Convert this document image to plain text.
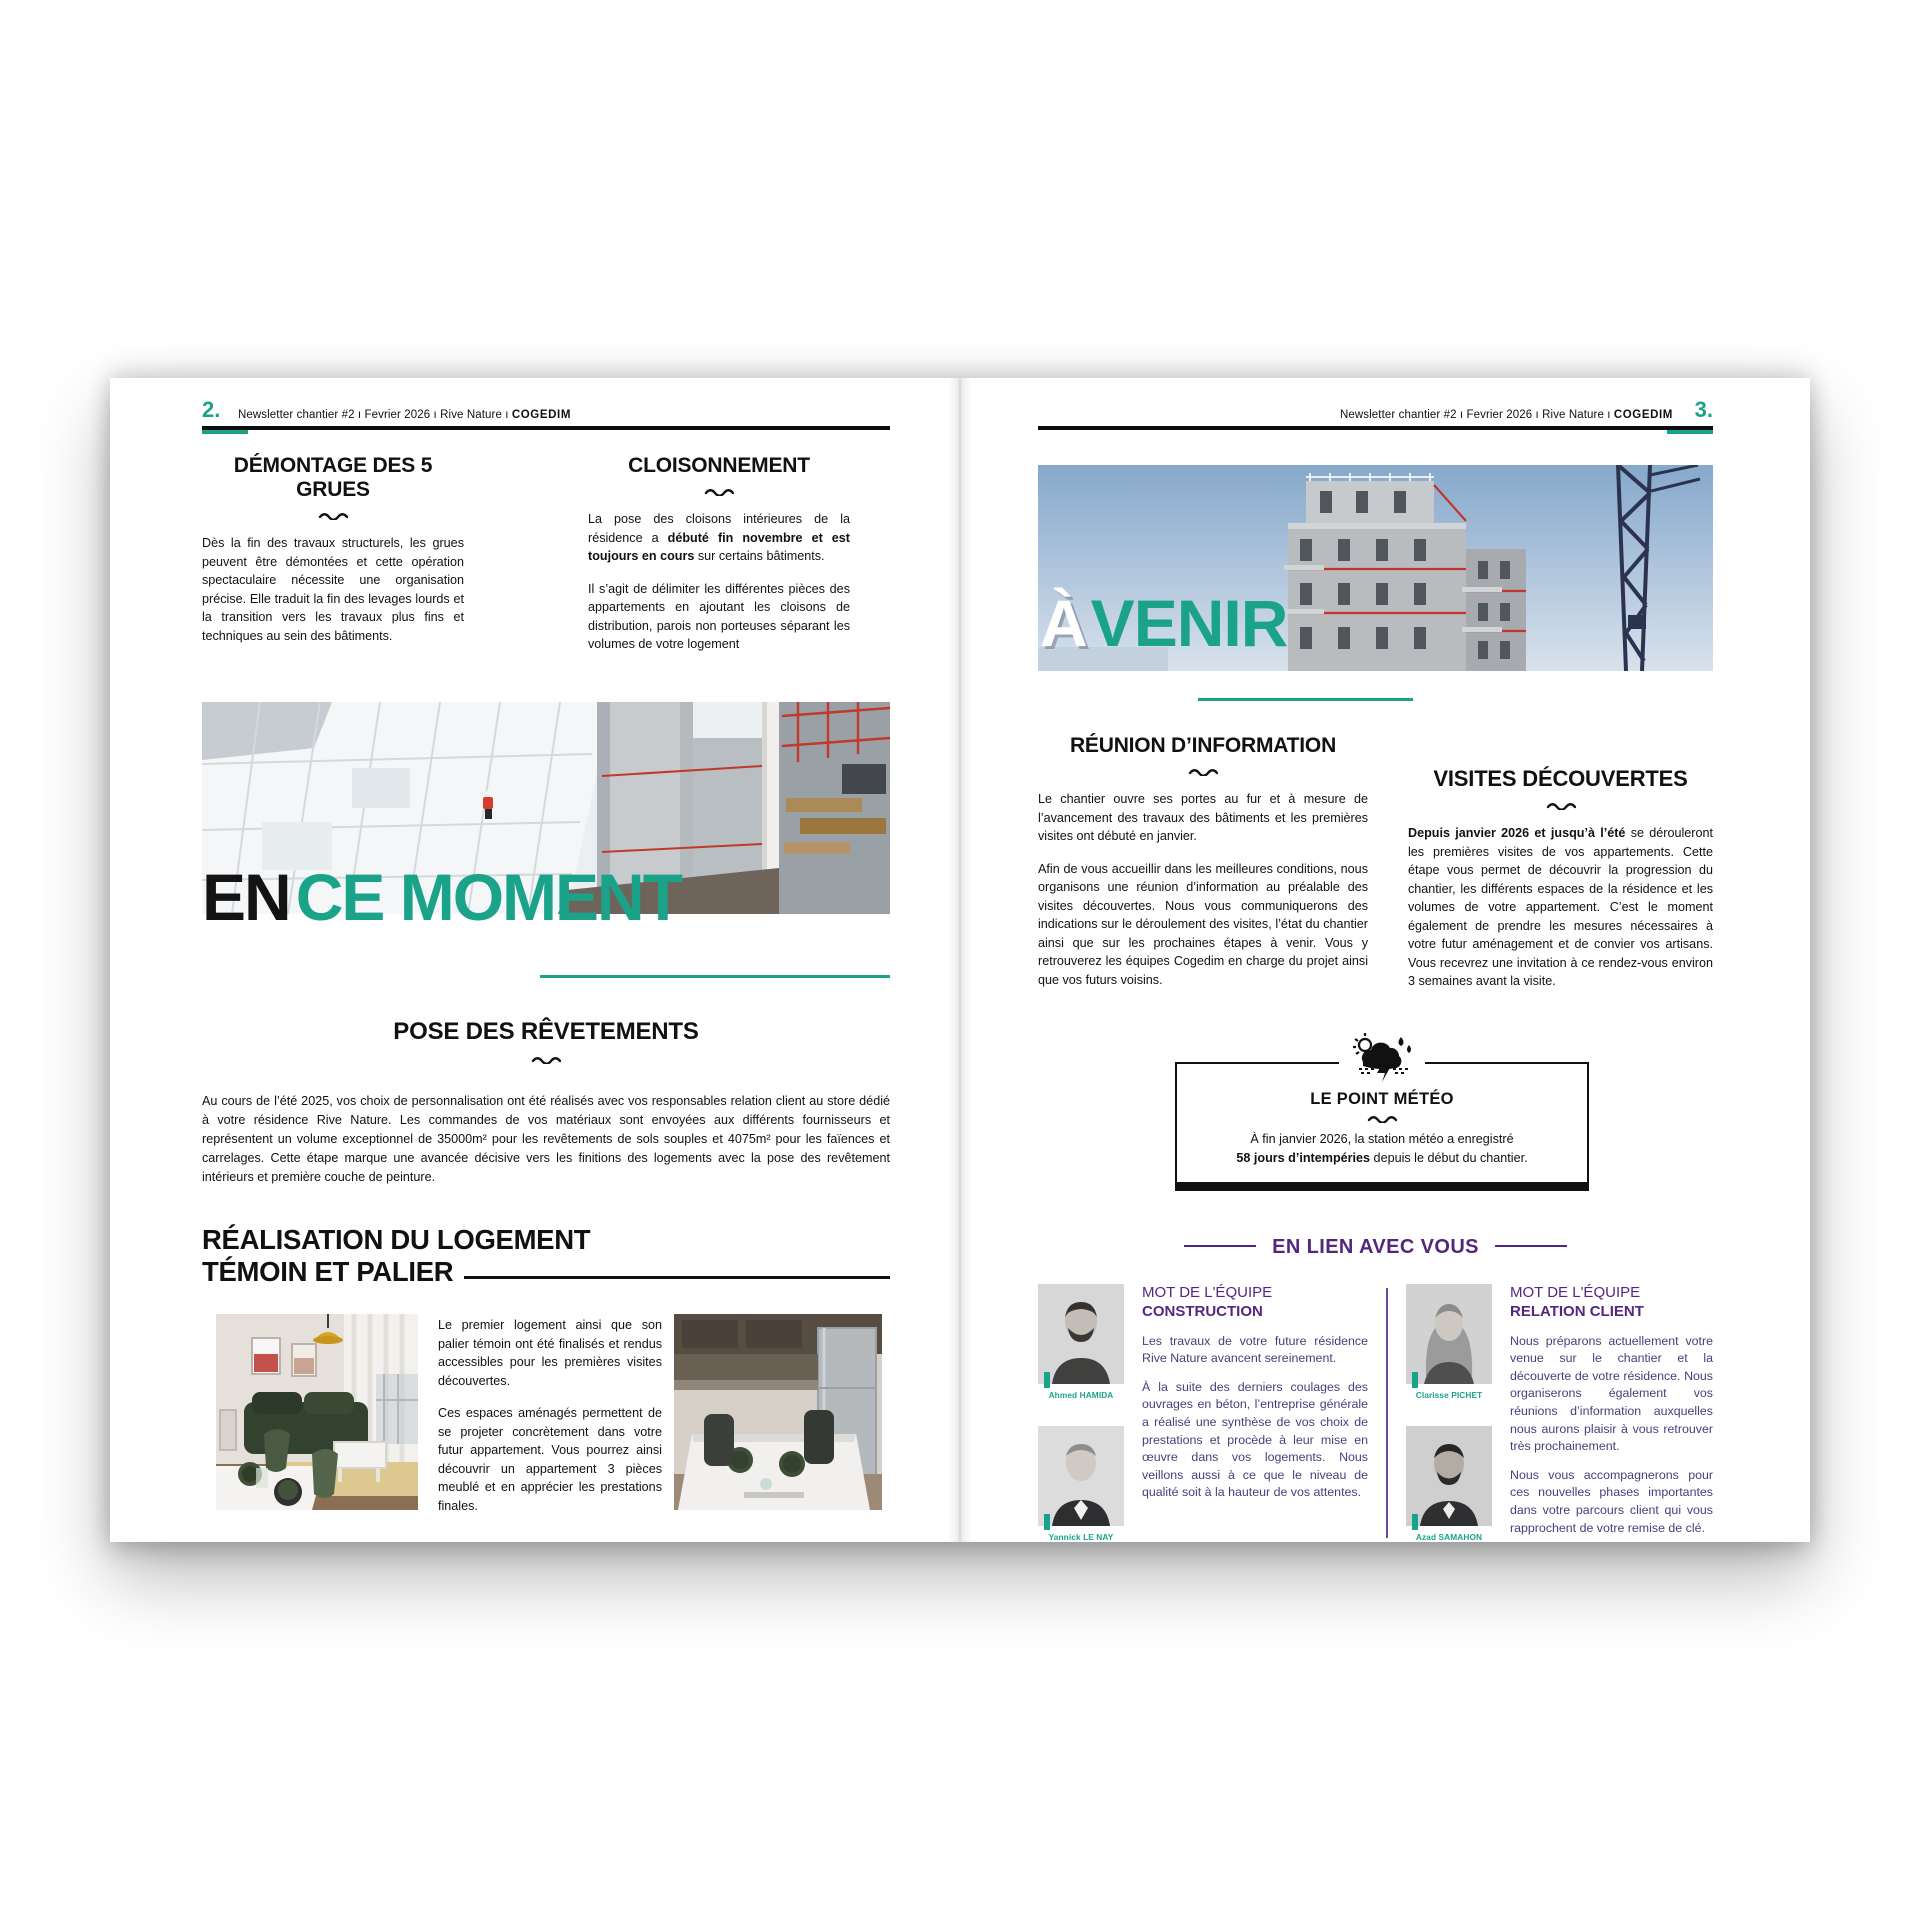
2. Newsletter chantier #2 ı Fevrier 2026 ı Rive Nature ı COGEDIM
DÉMONTAGE DES 5 GRUES

Dès la fin des travaux structurels, les grues peuvent être démontées et cette opération spectaculaire nécessite une organisation précise. Elle traduit la fin des levages lourds et la transition vers les travaux plus fins et techniques au sein des bâtiments.

CLOISONNEMENT

La pose des cloisons intérieures de la résidence a débuté fin novembre et est toujours en cours sur certains bâtiments.

Il s’agit de délimiter les différentes pièces des appartements en ajoutant les cloisons de distribution, parois non porteuses séparant les volumes de votre logement

ENCE MOMENT
POSE DES RÊVETEMENTS

Au cours de l’été 2025, vos choix de personnalisation ont été réalisés avec vos responsables relation client au store dédié à votre résidence Rive Nature. Les commandes de vos matériaux sont envoyées aux différents fournisseurs et représentent un volume exceptionnel de 35000m² pour les revêtements de sols souples et 4075m² pour les faïences et carrelages. Cette étape marque une avancée décisive vers les finitions des logements avec la pose des revêtement intérieurs et première couche de peinture.

RÉALISATION DU LOGEMENT
TÉMOIN ET PALIER

Le premier logement ainsi que son palier témoin ont été finalisés et rendus accessibles pour les premières visites découvertes.

Ces espaces aménagés permettent de se projeter concrètement dans votre futur appartement. Vous pourrez ainsi découvrir un appartement 3 pièces meublé et en apprécier les prestations finales.

Newsletter chantier #2 ı Fevrier 2026 ı Rive Nature ı COGEDIM 3.
ÀVENIR
RÉUNION D’INFORMATION

Le chantier ouvre ses portes au fur et à mesure de l’avancement des travaux des bâtiments et les premières visites ont débuté en janvier.

Afin de vous accueillir dans les meilleures conditions, nous organisons une réunion d’information au préalable des visites découvertes. Nous vous communiquerons des indications sur le déroulement des visites, l’état du chantier ainsi que sur les prochaines étapes à venir. Vous y retrouverez les équipes Cogedim en charge du projet ainsi que vos futurs voisins.

VISITES DÉCOUVERTES

Depuis janvier 2026 et jusqu’à l’été se dérouleront les premières visites de vos appartements. Cette étape vous permet de découvrir la progression du chantier, les différents espaces de la résidence et les volumes de votre appartement. C’est le moment également de prendre les mesures nécessaires à votre futur aménagement et de convier vos artisans. Vous recevrez une invitation à ce rendez-vous environ 3 semaines avant la visite.

LE POINT MÉTÉO
À fin janvier 2026, la station météo a enregistré
58 jours d’intempéries depuis le début du chantier.
EN LIEN AVEC VOUS
Ahmed HAMIDA
Yannick LE NAY
MOT DE L'ÉQUIPE
CONSTRUCTION

Les travaux de votre future résidence Rive Nature avancent sereinement.

À la suite des derniers coulages des ouvrages en béton, l’entreprise générale a réalisé une synthèse de vos choix de prestations et procède à leur mise en œuvre dans vos logements. Nous veillons aussi à ce que le niveau de qualité soit à la hauteur de vos attentes.

Clarisse PICHET
Azad SAMAHON
MOT DE L'ÉQUIPE
RELATION CLIENT

Nous préparons actuellement votre venue sur le chantier et la découverte de votre résidence. Nous organiserons également vos réunions d’information auxquelles nous aurons plaisir à vous retrouver très prochainement.

Nous vous accompagnerons pour ces nouvelles phases importantes dans votre parcours client qui vous rapprochent de votre remise de clé.
